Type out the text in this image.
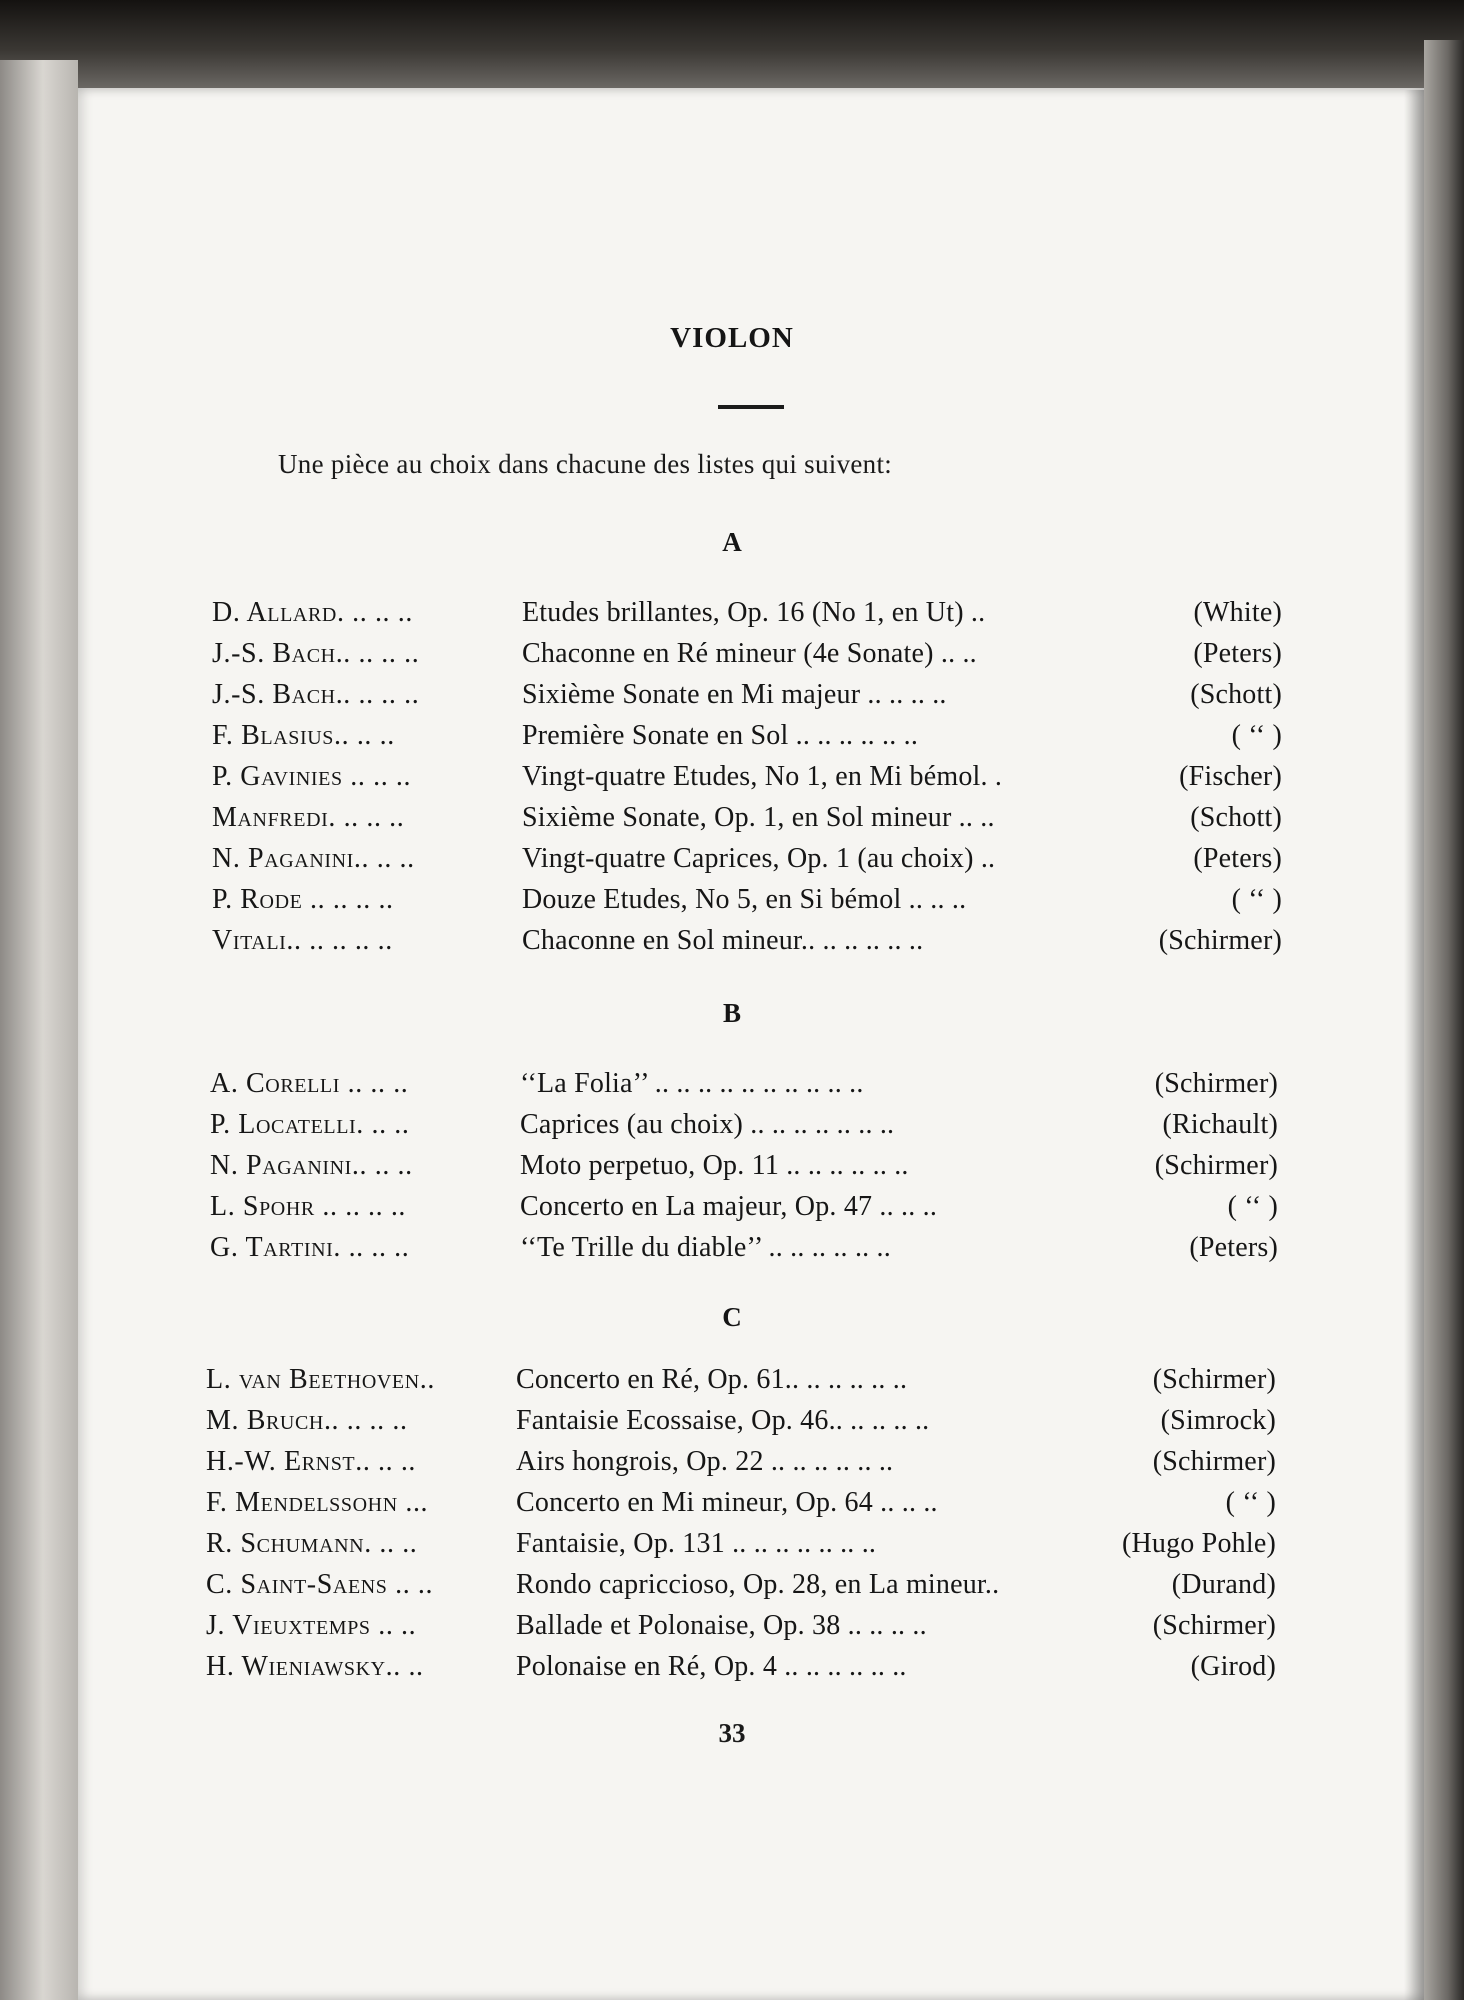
VIOLON
Une pièce au choix dans chacune des listes qui suivent:
A
D. Allard. .. .. ..	Etudes brillantes, Op. 16 (No 1, en Ut) ..	(White)
J.-S. Bach.. .. .. ..	Chaconne en Ré mineur (4e Sonate) .. ..	(Peters)
J.-S. Bach.. .. .. ..	Sixième Sonate en Mi majeur .. .. .. ..	(Schott)
F. Blasius.. .. ..	Première Sonate en Sol .. .. .. .. .. ..	( ‘‘ )
P. Gavinies .. .. ..	Vingt-quatre Etudes, No 1, en Mi bémol. .	(Fischer)
Manfredi. .. .. ..	Sixième Sonate, Op. 1, en Sol mineur .. ..	(Schott)
N. Paganini.. .. ..	Vingt-quatre Caprices, Op. 1 (au choix) ..	(Peters)
P. Rode .. .. .. ..	Douze Etudes, No 5, en Si bémol .. .. ..	( ‘‘ )
Vitali.. .. .. .. ..	Chaconne en Sol mineur.. .. .. .. .. ..	(Schirmer)
B
A. Corelli .. .. ..	‘‘La Folia’’ .. .. .. .. .. .. .. .. .. ..	(Schirmer)
P. Locatelli. .. ..	Caprices (au choix) .. .. .. .. .. .. ..	(Richault)
N. Paganini.. .. ..	Moto perpetuo, Op. 11 .. .. .. .. .. ..	(Schirmer)
L. Spohr .. .. .. ..	Concerto en La majeur, Op. 47 .. .. ..	( ‘‘ )
G. Tartini. .. .. ..	‘‘Te Trille du diable’’ .. .. .. .. .. ..	(Peters)
C
L. van Beethoven..	Concerto en Ré, Op. 61.. .. .. .. .. ..	(Schirmer)
M. Bruch.. .. .. ..	Fantaisie Ecossaise, Op. 46.. .. .. .. ..	(Simrock)
H.-W. Ernst.. .. ..	Airs hongrois, Op. 22 .. .. .. .. .. ..	(Schirmer)
F. Mendelssohn ...	Concerto en Mi mineur, Op. 64 .. .. ..	( ‘‘ )
R. Schumann. .. ..	Fantaisie, Op. 131 .. .. .. .. .. .. ..	(Hugo Pohle)
C. Saint-Saens .. ..	Rondo capriccioso, Op. 28, en La mineur..	(Durand)
J. Vieuxtemps .. ..	Ballade et Polonaise, Op. 38 .. .. .. ..	(Schirmer)
H. Wieniawsky.. ..	Polonaise en Ré, Op. 4 .. .. .. .. .. ..	(Girod)
33
